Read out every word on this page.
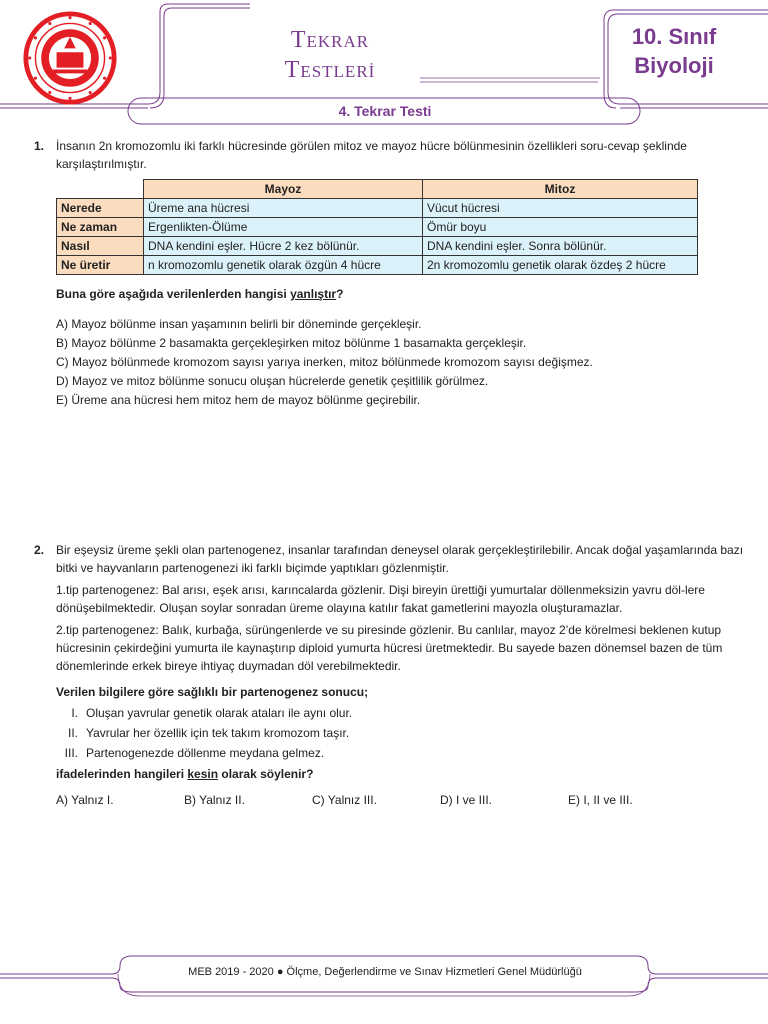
TEKRAR
TESTLERİ
10. Sınıf
Biyoloji
4. Tekrar Testi
1. İnsanın 2n kromozomlu iki farklı hücresinde görülen mitoz ve mayoz hücre bölünmesinin özellikleri soru-cevap şeklinde karşılaştırılmıştır.

	Mayoz	Mitoz
Nerede	Üreme ana hücresi	Vücut hücresi
Ne zaman	Ergenlikten-Ölüme	Ömür boyu
Nasıl	DNA kendini eşler. Hücre 2 kez bölünür.	DNA kendini eşler. Sonra bölünür.
Ne üretir	n kromozomlu genetik olarak özgün 4 hücre	2n kromozomlu genetik olarak özdeş 2 hücre

Buna göre aşağıda verilenlerden hangisi yanlıştır?

A) Mayoz bölünme insan yaşamının belirli bir döneminde gerçekleşir.

B) Mayoz bölünme 2 basamakta gerçekleşirken mitoz bölünme 1 basamakta gerçekleşir.

C) Mayoz bölünmede kromozom sayısı yarıya inerken, mitoz bölünmede kromozom sayısı değişmez.

D) Mayoz ve mitoz bölünme sonucu oluşan hücrelerde genetik çeşitlilik görülmez.

E) Üreme ana hücresi hem mitoz hem de mayoz bölünme geçirebilir.

2. Bir eşeysiz üreme şekli olan partenogenez, insanlar tarafından deneysel olarak gerçekleştirilebilir. Ancak doğal yaşamlarında bazı bitki ve hayvanların partenogenezi iki farklı biçimde yaptıkları gözlenmiştir.

1.tip partenogenez: Bal arısı, eşek arısı, karıncalarda gözlenir. Dişi bireyin ürettiği yumurtalar döllenmeksizin yavru döl-lere dönüşebilmektedir. Oluşan soylar sonradan üreme olayına katılır fakat gametlerini mayozla oluşturamazlar.

2.tip partenogenez: Balık, kurbağa, sürüngenlerde ve su piresinde gözlenir. Bu canlılar, mayoz 2’de körelmesi beklenen kutup hücresinin çekirdeğini yumurta ile kaynaştırıp diploid yumurta hücresi üretmektedir. Bu sayede bazen dönemsel bazen de tüm dönemlerinde erkek bireye ihtiyaç duymadan döl verebilmektedir.

Verilen bilgilere göre sağlıklı bir partenogenez sonucu;

I. Oluşan yavrular genetik olarak ataları ile aynı olur.

II. Yavrular her özellik için tek takım kromozom taşır.

III. Partenogenezde döllenme meydana gelmez.

ifadelerinden hangileri kesin olarak söylenir?

A) Yalnız I.	B) Yalnız II.	C) Yalnız III.	D) I ve III.	E) I, II ve III.
MEB 2019 - 2020 ● Ölçme, Değerlendirme ve Sınav Hizmetleri Genel Müdürlüğü
